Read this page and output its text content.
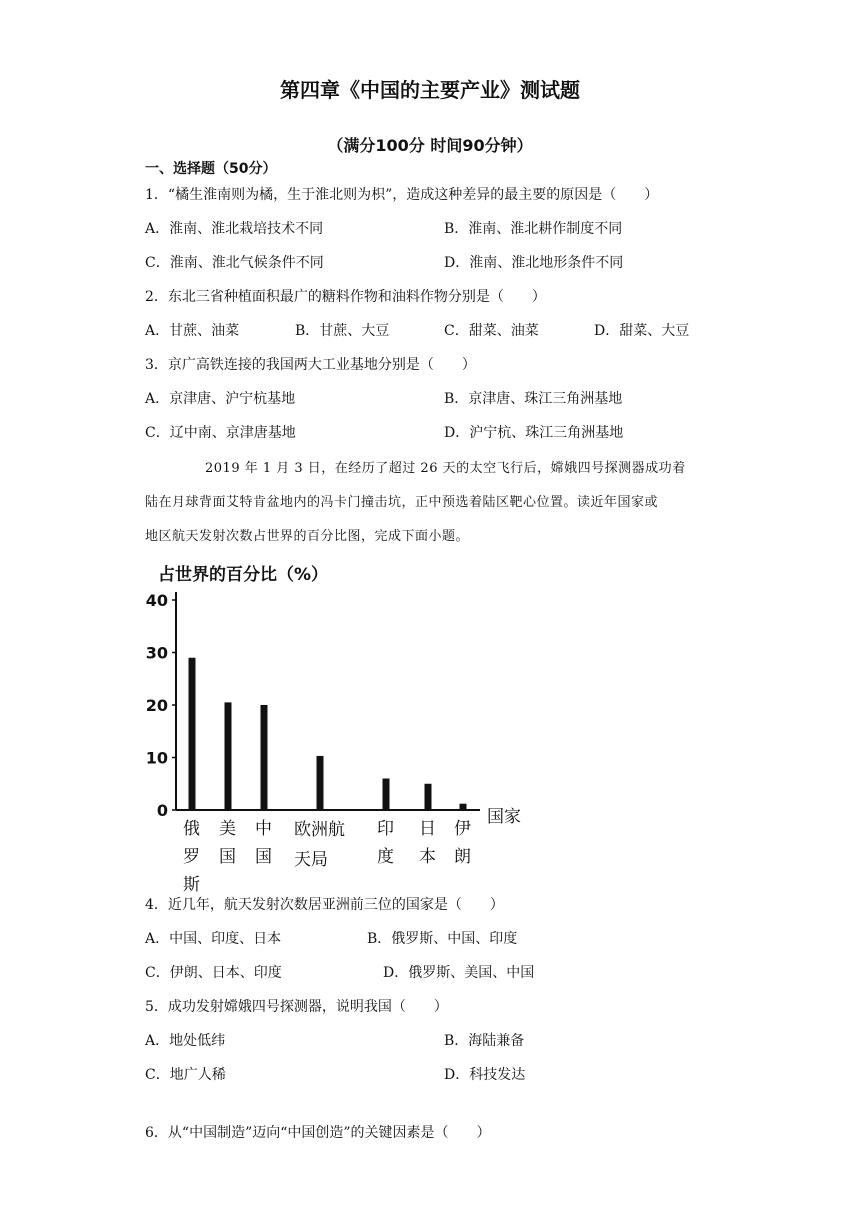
第四章《中国的主要产业》测试题
（满分100分 时间90分钟）
一、选择题（50分）
1．“橘生淮南则为橘，生于淮北则为枳”，造成这种差异的最主要的原因是（　　）
A．淮南、淮北栽培技术不同	B．淮南、淮北耕作制度不同
C．淮南、淮北气候条件不同	D．淮南、淮北地形条件不同
2．东北三省种植面积最广的糖料作物和油料作物分别是（　　）
A．甘蔗、油菜	B．甘蔗、大豆	C．甜菜、油菜	D．甜菜、大豆
3．京广高铁连接的我国两大工业基地分别是（　　）
A．京津唐、沪宁杭基地	B．京津唐、珠江三角洲基地
C．辽中南、京津唐基地	D．沪宁杭、珠江三角洲基地
2019 年 1 月 3 日，在经历了超过 26 天的太空飞行后，嫦娥四号探测器成功着
陆在月球背面艾特肯盆地内的冯卡门撞击坑，正中预选着陆区靶心位置。读近年国家或
地区航天发射次数占世界的百分比图，完成下面小题。
占世界的百分比（%）
0
10
20
30
40
俄
罗
斯
美
国
中
国
欧洲航
天局
印
度
日
本
伊
朗
国家
4．近几年，航天发射次数居亚洲前三位的国家是（　　）
A．中国、印度、日本	B．俄罗斯、中国、印度
C．伊朗、日本、印度	D．俄罗斯、美国、中国
5．成功发射嫦娥四号探测器，说明我国（　　）
A．地处低纬	B．海陆兼备
C．地广人稀	D．科技发达
6．从“中国制造”迈向“中国创造”的关键因素是（　　）
